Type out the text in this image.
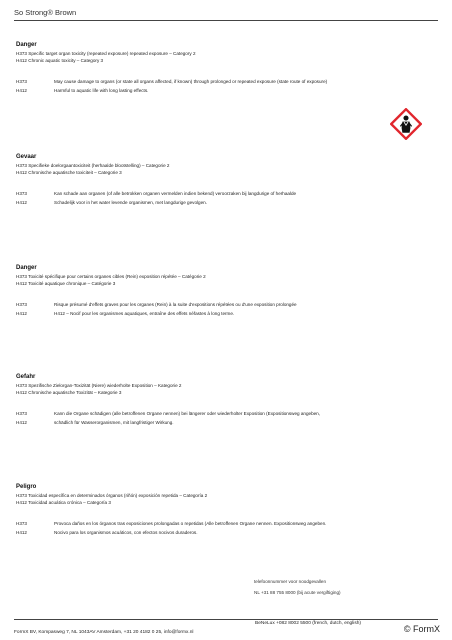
So Strong® Brown
Danger
H373 Specific target organ toxicity (repeated exposure) repeated exposure – Category 2
H412 Chronic aquatic toxicity – Category 3
H373	May cause damage to organs (or state all organs affected, if known) through prolonged or repeated exposure (state route of exposure)
H412	Harmful to aquatic life with long lasting effects.
Gevaar
H373 Specifieke doelorgaantoxiciteit (herhaalde blootstelling) – Categorie 2
H412 Chronische aquatische toxiciteit – Categorie 3
H373	Kan schade aan organen (of alle betrokken organen vermelden indien bekend) veroorzaken bij langdurige of herhaalde
H412	Schadelijk voor in het water levende organismen, met langdurige gevolgen.
Danger
H373 Toxicité spécifique pour certains organes cibles (Rein) exposition répétée – Catégorie 2
H412 Toxicité aquatique chronique – Catégorie 3
H373	Risque présumé d'effets graves pour les organes (Rein) à la suite d'expositions répétées ou d'une exposition prolongée
H412	H412 – Nocif pour les organismes aquatiques, entraîne des effets néfastes à long terme.
Gefahr
H373 Spezifische Zielorgan-Toxizität (Niere) wiederholte Exposition – Kategorie 2
H412 Chronische aquatische Toxizität – Kategorie 3
H373	Kann die Organe schädigen (alle betroffenen Organe nennen) bei längerer oder wiederholter Exposition (Expositionsweg angeben,
H412	schädlich für Wasserorganismen, mit langfristiger Wirkung.
Peligro
H373 Toxicidad específica en determinados órganos (riñón) exposición repetida – Categoría 2
H412 Toxicidad acuática crónica – Categoría 3
H373	Provoca daños en los órganos tras exposiciones prolongadas o repetidas (Alle betroffenen Organe nennen. Expositionsweg angeben.
H412	Nocivo para los organismos acuáticos, con efectos nocivos duraderos.
telefoonnummer voor noodgevallen
NL +31 88 755 8000 (bij acute vergiftiging)
BeNeLux +082 8002 5500 (french, dutch, english)
FormX BV, Kompasweg 7, NL 1043AV Amsterdam, +31 20 4182 0 25, info@formx.nl	© FormX
